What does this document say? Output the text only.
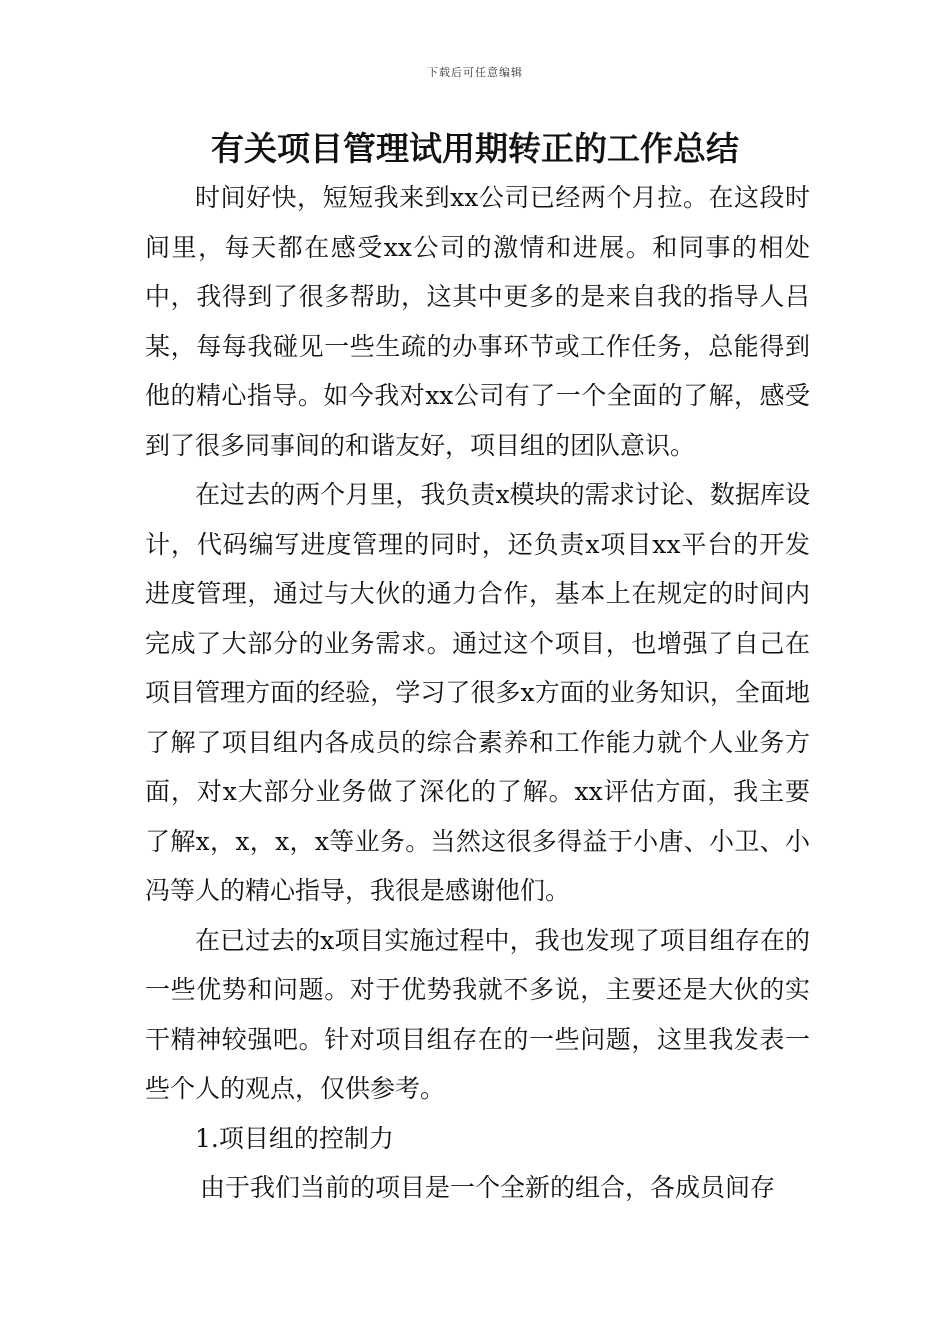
下载后可任意编辑
有关项目管理试用期转正的工作总结

时间好快，短短我来到xx公司已经两个月拉。在这段时间里，每天都在感受xx公司的激情和进展。和同事的相处中，我得到了很多帮助，这其中更多的是来自我的指导人吕某，每每我碰见一些生疏的办事环节或工作任务，总能得到他的精心指导。如今我对xx公司有了一个全面的了解，感受到了很多同事间的和谐友好，项目组的团队意识。

在过去的两个月里，我负责x模块的需求讨论、数据库设计，代码编写进度管理的同时，还负责x项目xx平台的开发进度管理，通过与大伙的通力合作，基本上在规定的时间内完成了大部分的业务需求。通过这个项目，也增强了自己在项目管理方面的经验，学习了很多x方面的业务知识，全面地了解了项目组内各成员的综合素养和工作能力就个人业务方面，对x大部分业务做了深化的了解。xx评估方面，我主要了解x，x，x，x等业务。当然这很多得益于小唐、小卫、小冯等人的精心指导，我很是感谢他们。

在已过去的x项目实施过程中，我也发现了项目组存在的一些优势和问题。对于优势我就不多说，主要还是大伙的实干精神较强吧。针对项目组存在的一些问题，这里我发表一些个人的观点，仅供参考。

1.项目组的控制力

由于我们当前的项目是一个全新的组合，各成员间存
